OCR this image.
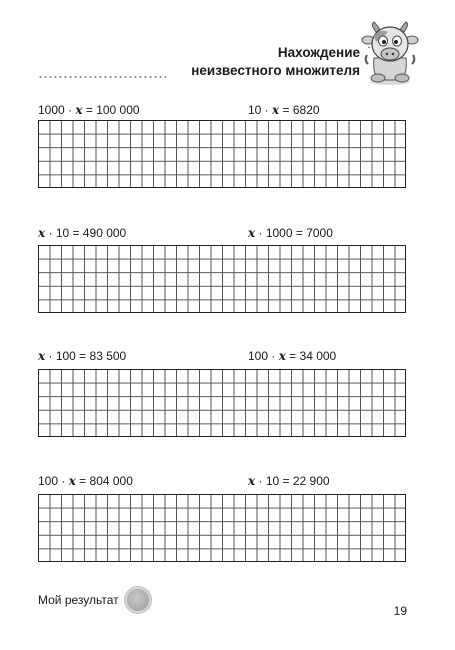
Нахождение
неизвестного множителя
1000 · x = 100 000	10 · x = 6820
x · 10 = 490 000	x · 1000 = 7000
x · 100 = 83 500	100 · x = 34 000
100 · x = 804 000	x · 10 = 22 900
Мой результат
19
